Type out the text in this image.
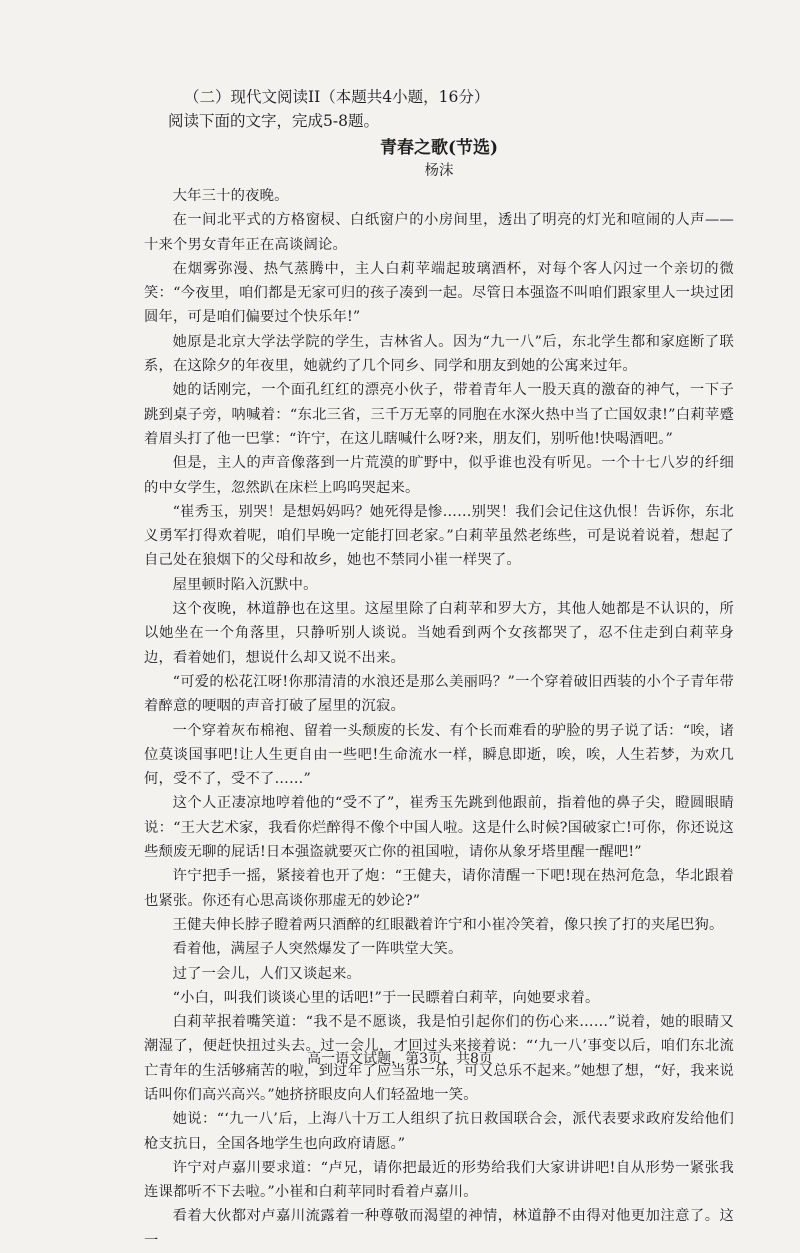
（二）现代文阅读II（本题共4小题，16分）

阅读下面的文字，完成5-8题。

青春之歌(节选)

杨沫

大年三十的夜晚。

在一间北平式的方格窗棂、白纸窗户的小房间里，透出了明亮的灯光和喧闹的人声——十来个男女青年正在高谈阔论。

在烟雾弥漫、热气蒸腾中，主人白莉苹端起玻璃酒杯，对每个客人闪过一个亲切的微笑：“今夜里，咱们都是无家可归的孩子凑到一起。尽管日本强盗不叫咱们跟家里人一块过团圆年，可是咱们偏要过个快乐年!”

她原是北京大学法学院的学生，吉林省人。因为“九一八”后，东北学生都和家庭断了联系，在这除夕的年夜里，她就约了几个同乡、同学和朋友到她的公寓来过年。

她的话刚完，一个面孔红红的漂亮小伙子，带着青年人一股天真的激奋的神气，一下子跳到桌子旁，呐喊着：“东北三省，三千万无辜的同胞在水深火热中当了亡国奴隶!”白莉苹蹙着眉头打了他一巴掌：“许宁，在这儿瞎喊什么呀?来，朋友们，别听他!快喝酒吧。”

但是，主人的声音像落到一片荒漠的旷野中，似乎谁也没有听见。一个十七八岁的纤细的中女学生，忽然趴在床栏上呜呜哭起来。

“崔秀玉，别哭！是想妈妈吗？她死得是惨……别哭！我们会记住这仇恨！告诉你，东北义勇军打得欢着呢，咱们早晚一定能打回老家。”白莉苹虽然老练些，可是说着说着，想起了自己处在狼烟下的父母和故乡，她也不禁同小崔一样哭了。

屋里顿时陷入沉默中。

这个夜晚，林道静也在这里。这屋里除了白莉苹和罗大方，其他人她都是不认识的，所以她坐在一个角落里，只静听别人谈说。当她看到两个女孩都哭了，忍不住走到白莉苹身边，看着她们，想说什么却又说不出来。

“可爱的松花江呀!你那清清的水浪还是那么美丽吗？”一个穿着破旧西装的小个子青年带着醉意的哽咽的声音打破了屋里的沉寂。

一个穿着灰布棉袍、留着一头颓废的长发、有个长而难看的驴脸的男子说了话：“唉，诸位莫谈国事吧!让人生更自由一些吧!生命流水一样，瞬息即逝，唉，唉，人生若梦，为欢几何，受不了，受不了……”

这个人正凄凉地哼着他的“受不了”，崔秀玉先跳到他跟前，指着他的鼻子尖，瞪圆眼睛说：“王大艺术家，我看你烂醉得不像个中国人啦。这是什么时候?国破家亡!可你，你还说这些颓废无聊的屁话!日本强盗就要灭亡你的祖国啦，请你从象牙塔里醒一醒吧!”

许宁把手一摇，紧接着也开了炮：“王健夫，请你清醒一下吧!现在热河危急，华北跟着也紧张。你还有心思高谈你那虚无的妙论?”

王健夫伸长脖子瞪着两只酒醉的红眼戳着许宁和小崔冷笑着，像只挨了打的夹尾巴狗。

看着他，满屋子人突然爆发了一阵哄堂大笑。

过了一会儿，人们又谈起来。

“小白，叫我们谈谈心里的话吧!”于一民瞟着白莉苹，向她要求着。

白莉苹抿着嘴笑道：“我不是不愿谈，我是怕引起你们的伤心来……”说着，她的眼睛又潮湿了，便赶快扭过头去。过一会儿，才回过头来接着说：“‘九一八’事变以后，咱们东北流亡青年的生活够痛苦的啦，到过年了应当乐一乐，可又总乐不起来。”她想了想，“好，我来说话叫你们高兴高兴。”她挤挤眼皮向人们轻盈地一笑。

她说：“‘九一八’后，上海八十万工人组织了抗日救国联合会，派代表要求政府发给他们枪支抗日，全国各地学生也向政府请愿。”

许宁对卢嘉川要求道：“卢兄，请你把最近的形势给我们大家讲讲吧!自从形势一紧张我连课都听不下去啦。”小崔和白莉苹同时看着卢嘉川。

看着大伙都对卢嘉川流露着一种尊敬而渴望的神情，林道静不由得对他更加注意了。这一

高一语文试题，第3页，共8页
